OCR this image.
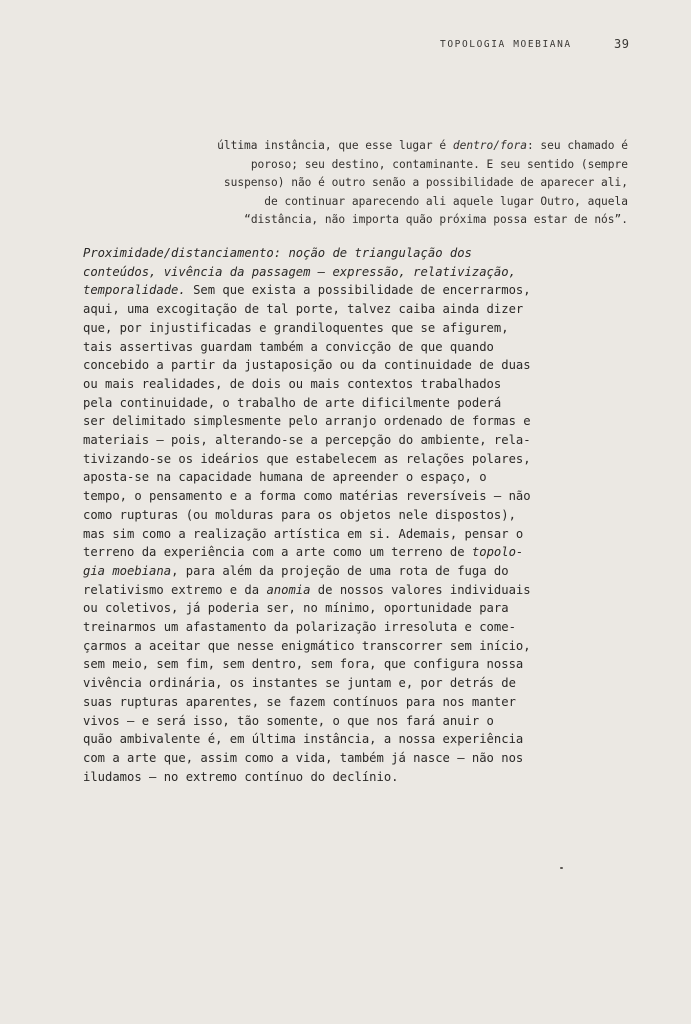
TOPOLOGIA MOEBIANA	39
última instância, que esse lugar é dentro/fora: seu chamado é
poroso; seu destino, contaminante. E seu sentido (sempre
suspenso) não é outro senão a possibilidade de aparecer ali,
de continuar aparecendo ali aquele lugar Outro, aquela
“distância, não importa quão próxima possa estar de nós”.
Proximidade/distanciamento: noção de triangulação dos
conteúdos, vivência da passagem – expressão, relativização,
temporalidade. Sem que exista a possibilidade de encerrarmos,
aqui, uma excogitação de tal porte, talvez caiba ainda dizer
que, por injustificadas e grandiloquentes que se afigurem,
tais assertivas guardam também a convicção de que quando
concebido a partir da justaposição ou da continuidade de duas
ou mais realidades, de dois ou mais contextos trabalhados
pela continuidade, o trabalho de arte dificilmente poderá
ser delimitado simplesmente pelo arranjo ordenado de formas e
materiais – pois, alterando-se a percepção do ambiente, rela-
tivizando-se os ideários que estabelecem as relações polares,
aposta-se na capacidade humana de apreender o espaço, o
tempo, o pensamento e a forma como matérias reversíveis – não
como rupturas (ou molduras para os objetos nele dispostos),
mas sim como a realização artística em si. Ademais, pensar o
terreno da experiência com a arte como um terreno de topolo-
gia moebiana, para além da projeção de uma rota de fuga do
relativismo extremo e da anomia de nossos valores individuais
ou coletivos, já poderia ser, no mínimo, oportunidade para
treinarmos um afastamento da polarização irresoluta e come-
çarmos a aceitar que nesse enigmático transcorrer sem início,
sem meio, sem fim, sem dentro, sem fora, que configura nossa
vivência ordinária, os instantes se juntam e, por detrás de
suas rupturas aparentes, se fazem contínuos para nos manter
vivos – e será isso, tão somente, o que nos fará anuir o
quão ambivalente é, em última instância, a nossa experiência
com a arte que, assim como a vida, também já nasce – não nos
iludamos – no extremo contínuo do declínio.
